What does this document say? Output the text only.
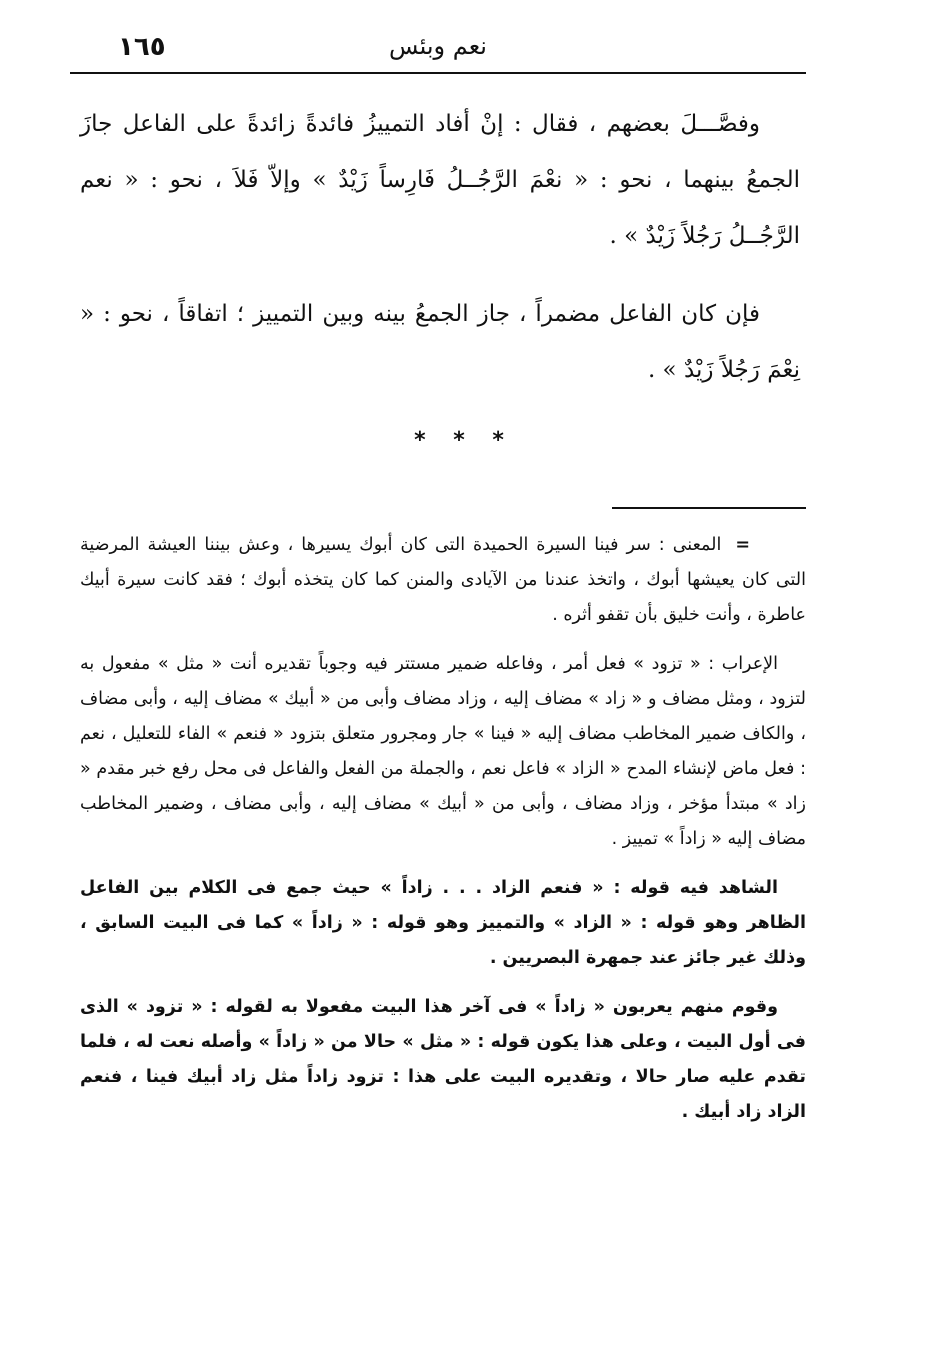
١٦٥	نعم وبئس

وفصَّـــلَ بعضهم ، فقال : إنْ أفاد التمييزُ فائدةً زائدةً على الفاعل جازَ الجمعُ بينهما ، نحو : « نعْمَ الرَّجُــلُ فَارِساً زَيْدٌ » وإلاّ فَلاَ ، نحو : « نعم الرَّجُــلُ رَجُلاً زَيْدٌ » .

فإن كان الفاعل مضمراً ، جاز الجمعُ بينه وبين التمييز ؛ اتفاقاً ، نحو : « نِعْمَ رَجُلاً زَيْدٌ » .

* * *

=المعنى : سر فينا السيرة الحميدة التى كان أبوك يسيرها ، وعش بيننا العيشة المرضية التى كان يعيشها أبوك ، واتخذ عندنا من الآيادى والمنن كما كان يتخذه أبوك ؛ فقد كانت سيرة أبيك عاطرة ، وأنت خليق بأن تقفو أثره .

الإعراب : « تزود » فعل أمر ، وفاعله ضمير مستتر فيه وجوباً تقديره أنت « مثل » مفعول به لتزود ، ومثل مضاف و « زاد » مضاف إليه ، وزاد مضاف وأبى من « أبيك » مضاف إليه ، وأبى مضاف ، والكاف ضمير المخاطب مضاف إليه « فينا » جار ومجرور متعلق بتزود « فنعم » الفاء للتعليل ، نعم : فعل ماض لإنشاء المدح « الزاد » فاعل نعم ، والجملة من الفعل والفاعل فى محل رفع خبر مقدم « زاد » مبتدأ مؤخر ، وزاد مضاف ، وأبى من « أبيك » مضاف إليه ، وأبى مضاف ، وضمير المخاطب مضاف إليه « زاداً » تمييز .

الشاهد فيه قوله : « فنعم الزاد . . . زاداً » حيث جمع فى الكلام بين الفاعل الظاهر وهو قوله : « الزاد » والتمييز وهو قوله : « زاداً » كما فى البيت السابق ، وذلك غير جائز عند جمهرة البصريين .

وقوم منهم يعربون « زاداً » فى آخر هذا البيت مفعولا به لقوله : « تزود » الذى فى أول البيت ، وعلى هذا يكون قوله : « مثل » حالا من « زاداً » وأصله نعت له ، فلما تقدم عليه صار حالا ، وتقديره البيت على هذا : تزود زاداً مثل زاد أبيك فينا ، فنعم الزاد زاد أبيك .
